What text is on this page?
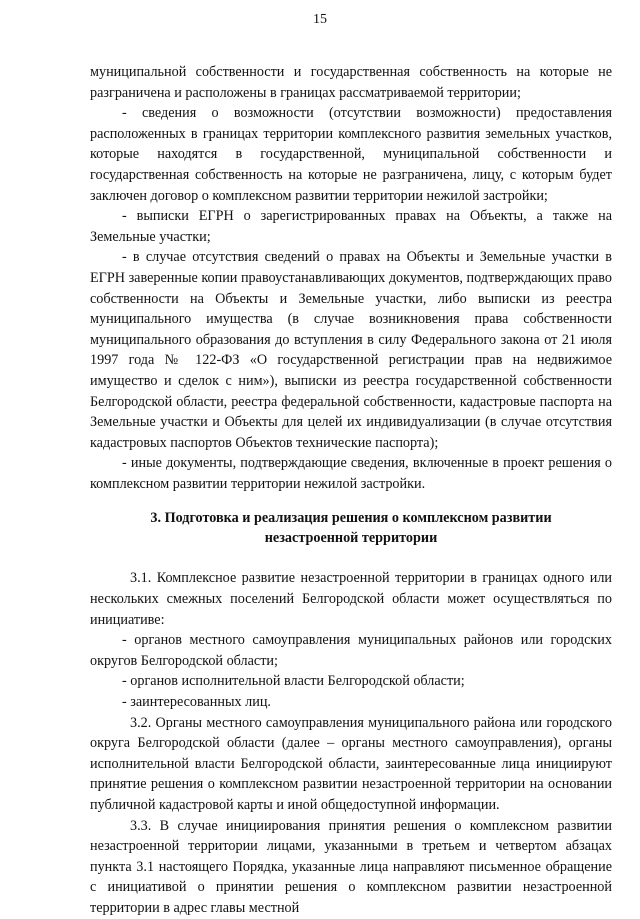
15

муниципальной собственности и государственная собственность на которые не разграничена и расположены в границах рассматриваемой территории;

- сведения о возможности (отсутствии возможности) предоставления расположенных в границах территории комплексного развития земельных участков, которые находятся в государственной, муниципальной собственности и государственная собственность на которые не разграничена, лицу, с которым будет заключен договор о комплексном развитии территории нежилой застройки;

- выписки ЕГРН о зарегистрированных правах на Объекты, а также на Земельные участки;

- в случае отсутствия сведений о правах на Объекты и Земельные участки в ЕГРН заверенные копии правоустанавливающих документов, подтверждающих право собственности на Объекты и Земельные участки, либо выписки из реестра муниципального имущества (в случае возникновения права собственности муниципального образования до вступления в силу Федерального закона от 21 июля 1997 года № 122-ФЗ «О государственной регистрации прав на недвижимое имущество и сделок с ним»), выписки из реестра государственной собственности Белгородской области, реестра федеральной собственности, кадастровые паспорта на Земельные участки и Объекты для целей их индивидуализации (в случае отсутствия кадастровых паспортов Объектов технические паспорта);

- иные документы, подтверждающие сведения, включенные в проект решения о комплексном развитии территории нежилой застройки.

3. Подготовка и реализация решения о комплексном развитии
незастроенной территории

3.1. Комплексное развитие незастроенной территории в границах одного или нескольких смежных поселений Белгородской области может осуществляться по инициативе:

- органов местного самоуправления муниципальных районов или городских округов Белгородской области;

- органов исполнительной власти Белгородской области;

- заинтересованных лиц.

3.2. Органы местного самоуправления муниципального района или городского округа Белгородской области (далее – органы местного самоуправления), органы исполнительной власти Белгородской области, заинтересованные лица инициируют принятие решения о комплексном развитии незастроенной территории на основании публичной кадастровой карты и иной общедоступной информации.

3.3. В случае инициирования принятия решения о комплексном развитии незастроенной территории лицами, указанными в третьем и четвертом абзацах пункта 3.1 настоящего Порядка, указанные лица направляют письменное обращение с инициативой о принятии решения о комплексном развитии незастроенной территории в адрес главы местной
